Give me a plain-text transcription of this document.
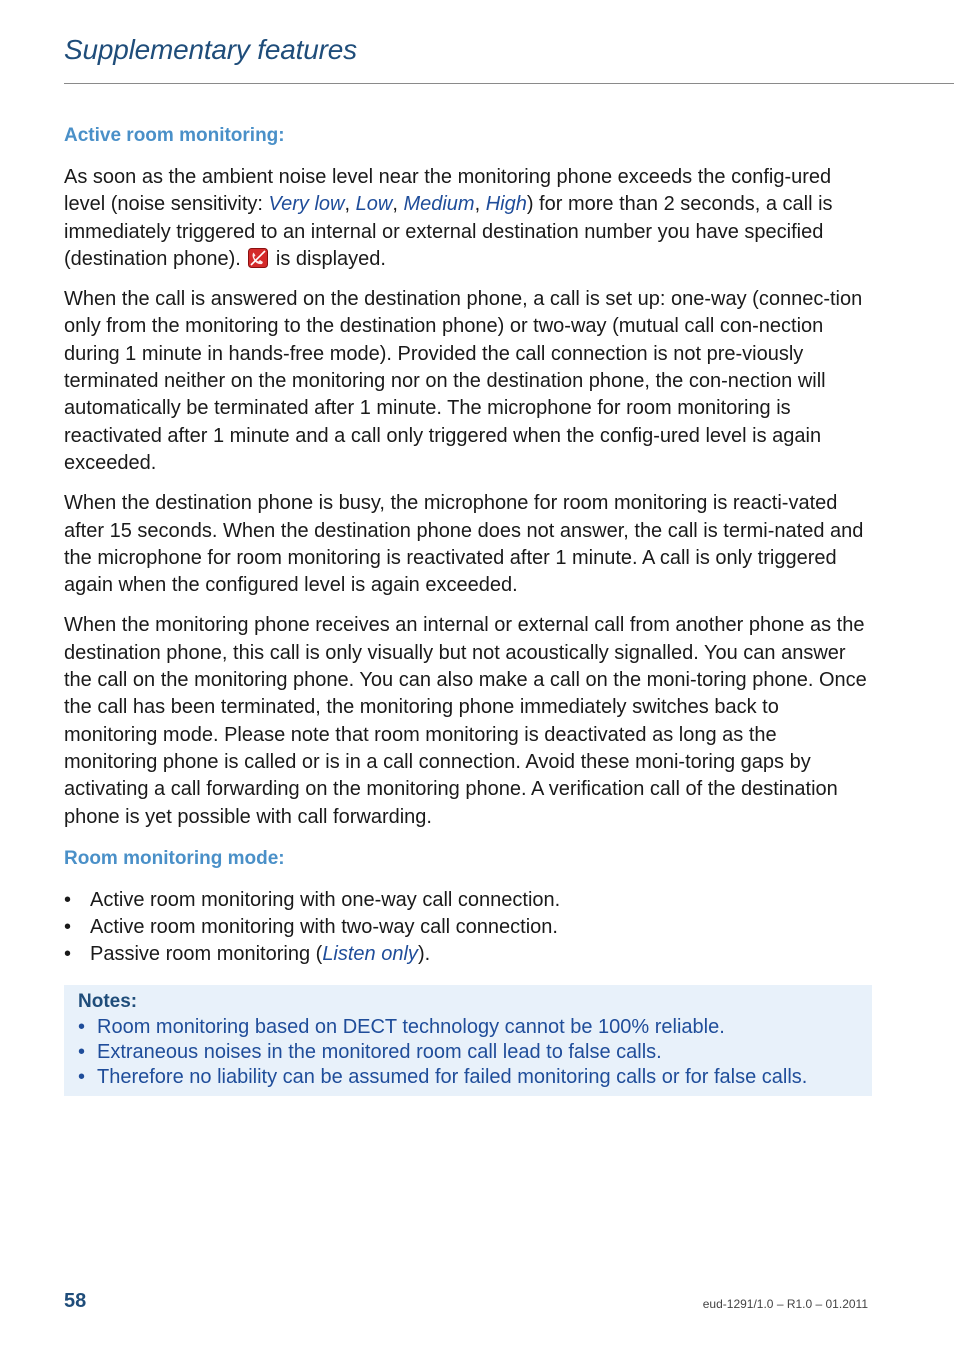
Supplementary features
Active room monitoring:

As soon as the ambient noise level near the monitoring phone exceeds the config-ured level (noise sensitivity: Very low, Low, Medium, High) for more than 2 seconds, a call is immediately triggered to an internal or external destination number you have specified (destination phone).  is displayed.

When the call is answered on the destination phone, a call is set up: one-way (connec-tion only from the monitoring to the destination phone) or two-way (mutual call con-nection during 1 minute in hands-free mode). Provided the call connection is not pre-viously terminated neither on the monitoring nor on the destination phone, the con-nection will automatically be terminated after 1 minute. The microphone for room monitoring is reactivated after 1 minute and a call only triggered when the config-ured level is again exceeded.

When the destination phone is busy, the microphone for room monitoring is reacti-vated after 15 seconds. When the destination phone does not answer, the call is termi-nated and the microphone for room monitoring is reactivated after 1 minute. A call is only triggered again when the configured level is again exceeded.

When the monitoring phone receives an internal or external call from another phone as the destination phone, this call is only visually but not acoustically signalled. You can answer the call on the monitoring phone. You can also make a call on the moni-toring phone. Once the call has been terminated, the monitoring phone immediately switches back to monitoring mode. Please note that room monitoring is deactivated as long as the monitoring phone is called or is in a call connection. Avoid these moni-toring gaps by activating a call forwarding on the monitoring phone. A verification call of the destination phone is yet possible with call forwarding.

Room monitoring mode:
• Active room monitoring with one-way call connection.
• Active room monitoring with two-way call connection.
• Passive room monitoring (Listen only).
Notes:
• Room monitoring based on DECT technology cannot be 100% reliable.
• Extraneous noises in the monitored room call lead to false calls.
• Therefore no liability can be assumed for failed monitoring calls or for false calls.
58	eud-1291/1.0 – R1.0 – 01.2011
